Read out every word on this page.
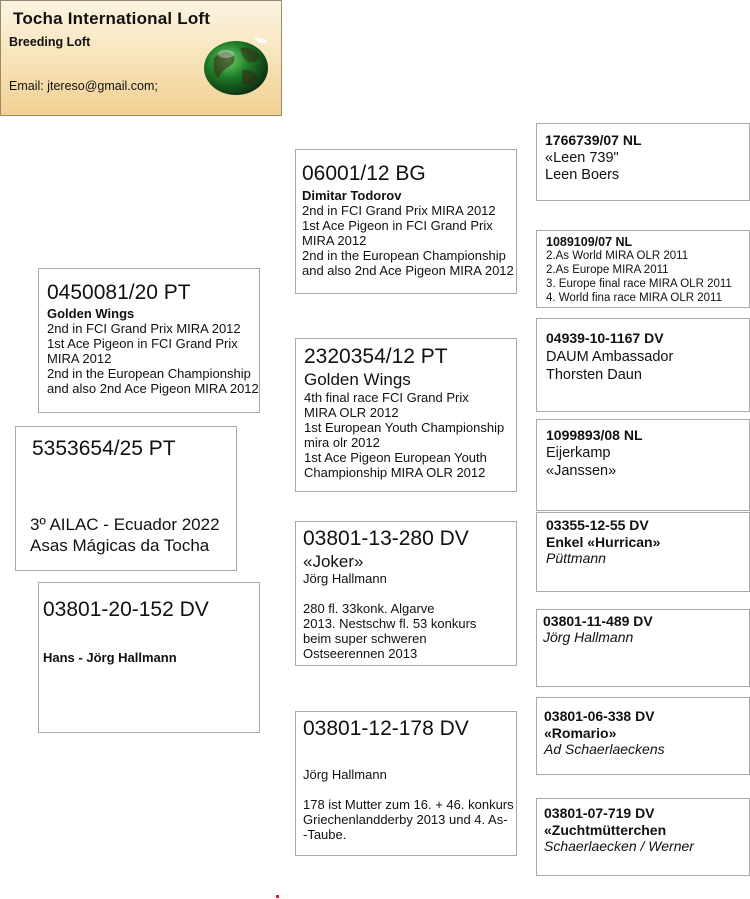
Tocha International Loft
Breeding Loft
Email: jtereso@gmail.com;
5353654/25 PT
3º AILAC - Ecuador 2022
Asas Mágicas da Tocha
0450081/20 PT
Golden Wings
2nd in FCI Grand Prix MIRA 2012
1st Ace Pigeon in FCI Grand Prix
MIRA 2012
2nd in the European Championship
and also 2nd Ace Pigeon MIRA 2012
03801-20-152 DV
Hans - Jörg Hallmann
06001/12 BG
Dimitar Todorov
2nd in FCI Grand Prix MIRA 2012
1st Ace Pigeon in FCI Grand Prix
MIRA 2012
2nd in the European Championship
and also 2nd Ace Pigeon MIRA 2012
2320354/12 PT
Golden Wings
4th final race FCI Grand Prix
MIRA OLR 2012
1st European Youth Championship
mira olr 2012
1st Ace Pigeon European Youth
Championship MIRA OLR 2012
03801-13-280 DV
«Joker»
Jörg Hallmann
280 fl. 33konk. Algarve
2013. Nestschw fl. 53 konkurs
beim super schweren
Ostseerennen 2013
03801-12-178 DV
Jörg Hallmann
178 ist Mutter zum 16. + 46. konkurs
Griechenlandderby 2013 und 4. As-
-Taube.
1766739/07 NL
«Leen 739"
Leen Boers
1089109/07 NL
2.As World MIRA OLR 2011
2.As Europe MIRA 2011
3. Europe final race MIRA OLR 2011
4. World fina race MIRA OLR 2011
04939-10-1167 DV
DAUM Ambassador
Thorsten Daun
1099893/08 NL
Eijerkamp
«Janssen»
03355-12-55 DV
Enkel «Hurrican»
Püttmann
03801-11-489 DV
Jörg Hallmann
03801-06-338 DV
«Romario»
Ad Schaerlaeckens
03801-07-719 DV
«Zuchtmütterchen
Schaerlaecken / Werner
